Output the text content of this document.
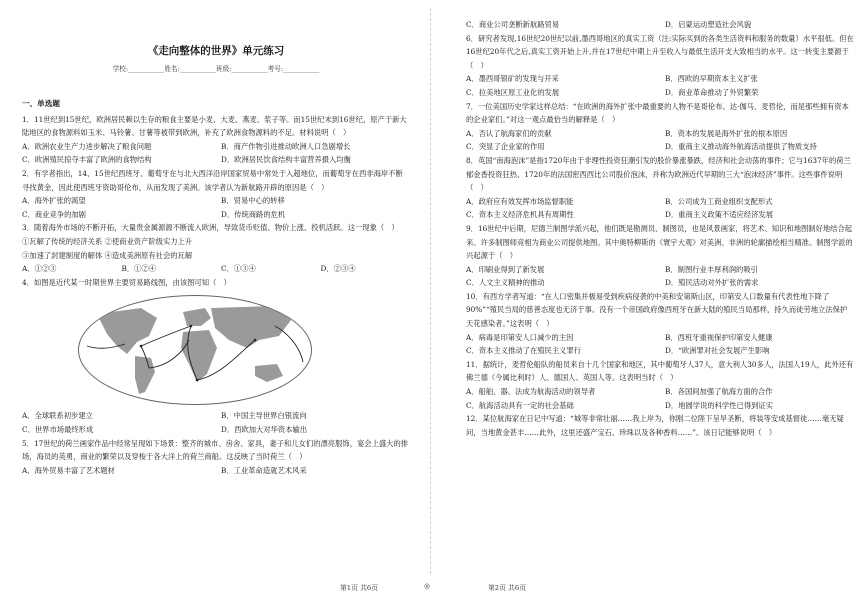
《走向整体的世界》单元练习
学校:___________姓名:___________班级:___________考号:___________
一、单选题

1．11世纪到15世纪，欧洲居民赖以生存的粮食主要是小麦、大麦、燕麦、浆子等。而15世纪末到16世纪，原产于新大陆地区的食物源料如玉米、马铃薯、甘薯等被带到欧洲，补充了欧洲食物源料的不足。材料说明（　）

A．欧洲农业生产力进步解决了粮食问题	B．商产作物引进推动欧洲人口急剧增长
C．欧洲殖民掠夺丰富了欧洲的食物结构	D．欧洲居民饮食结构丰富营养摄入均衡

2．有学者指出，14、15世纪西班牙、葡萄牙在与北大西洋沿岸国家贸易中常处于入超地位，而葡萄牙在西非海岸不断寻找黄金，因此使西班牙资助哥伦布，从而发现了美洲。该学者认为新航路开辟的原因是（　）

A．海外扩张的渴望	B．贸易中心的转移
C．商业竞争的加剧	D．传统商路的危机

3．随着海外市场的不断开拓，大量贵金属源源不断流入欧洲，导致货币贬值、物价上涨、投机活跃。这一现象（　）

①瓦解了传统的经济关系 ②使商业资产阶级实力上升

③加速了封建制度的解体 ④造成美洲原有社会的瓦解

A．①②③	B．①②④	C．①③④	D．②③④

4．如图是近代某一时期世界主要贸易路线图，由该图可知（　）

A．全球联系初步建立	B．中国主导世界白银流向
C．世界市场最终形成	D．西欧加大对华资本输出

5．17世纪的荷兰画家作品中经常呈现如下场景：整齐的城市、房舍、家具，妻子和儿女们的漂亮服饰，宴会上盛大的排场，海员的英勇，商业的繁荣以及穿梭于各大洋上的荷兰商船。这反映了当时荷兰（　）

A．海外贸易丰富了艺术题材	B．工业革命造就艺术风采
C．商业公司垄断新航路贸易	D．启蒙运动塑造社会风貌

6．研究者发现,16世纪20世纪以前,墨西哥地区的真实工资（注:实际买到的各类生活资料和服务的数量）水平很低。但在16世纪20年代之后,真实工资开始上升,并在17世纪中期上升至收入与最低生活开支大致相当的水平。这一转变主要源于（　）

A．墨西哥银矿的发现与开采	B．西欧的早期资本主义扩张
C．拉美地区原工业化的发展	D．商业革命推动了外贸繁荣

7．一位美国历史学家这样总结：“在欧洲的海外扩张中最重要的人物不是哥伦布、达·伽马、麦哲伦，而是那些拥有资本的企业家们。”对这一观点最恰当的解释是（　）

A．否认了航海家们的贡献	B．资本的发展是海外扩张的根本原因
C．突显了企业家的作用	D．重商主义推动海外航海活动提供了物质支持

8．英国“南海泡沫”是指1720年由于非理性投资狂潮引发的股价暴涨暴跌，经济和社会动荡的事件；它与1637年的荷兰郁金香投资狂热、1720年的法国密西西比公司股价泡沫，并称为欧洲近代早期的三大“泡沫经济”事件。这些事件说明（　）

A．政府应有效发挥市场监督职能	B．公司成为工商业组织支配形式
C．资本主义经济危机具有周期性	D．重商主义政策不适应经济发展

9．16世纪中后期，尼德兰制图学派兴起，他们既是勘测员、制图员，也是风景画家，将艺术、知识和地图制好地结合起来。许多制图师竞相为商业公司提供地图。其中奥特柳斯的《寰宇大观》对美洲、非洲的轮廓描绘相当精准。制图学派的兴起源于（　）

A．印刷业得到了新发展	B．制图行业丰厚利润的吸引
C．人文主义精神的推动	D．殖民活动对外扩张的需求

10．有西方学者写道：“在人口密集并极易受到疾病侵袭的中美和安第斯山区，印第安人口数量有代表性地下降了90%”“殖民当局的慈善态度也无济于事。没有一个帝国政府像西班牙在新大陆的殖民当局那样，持久而徒劳地立法保护天花感染者。”这表明（　）

A．病毒是印第安人口减少的主因	B．西班牙重视保护印第安人健康
C．资本主义推动了在殖民主义罪行	D．“欧洲罪对社会发展产生影响

11．据统计，麦哲伦船队的船员来自十几个国家和地区，其中葡萄牙人37人，意大利人30多人，法国人19人，此外还有佛兰德（今属比利时）人、德国人、英国人等。这表明当时（　）

A．船舶、器、法成为航海活动的领导者	B．各国间加强了航海方面的合作
C．航海活动具有一定的社会基础	D．地圆学说的科学性已得到证实

12．某位航海家在日记中写道：“城等非常壮丽……我上岸为，你刚二位陛下呈旱圣断，将装等安成基督徒……毫无疑问，当地黄金甚丰……此外，这里还盛产宝石、珍珠以及各种香料……”。该日记能够说明（　）

第1页 共6页	◎	第2页 共6页
